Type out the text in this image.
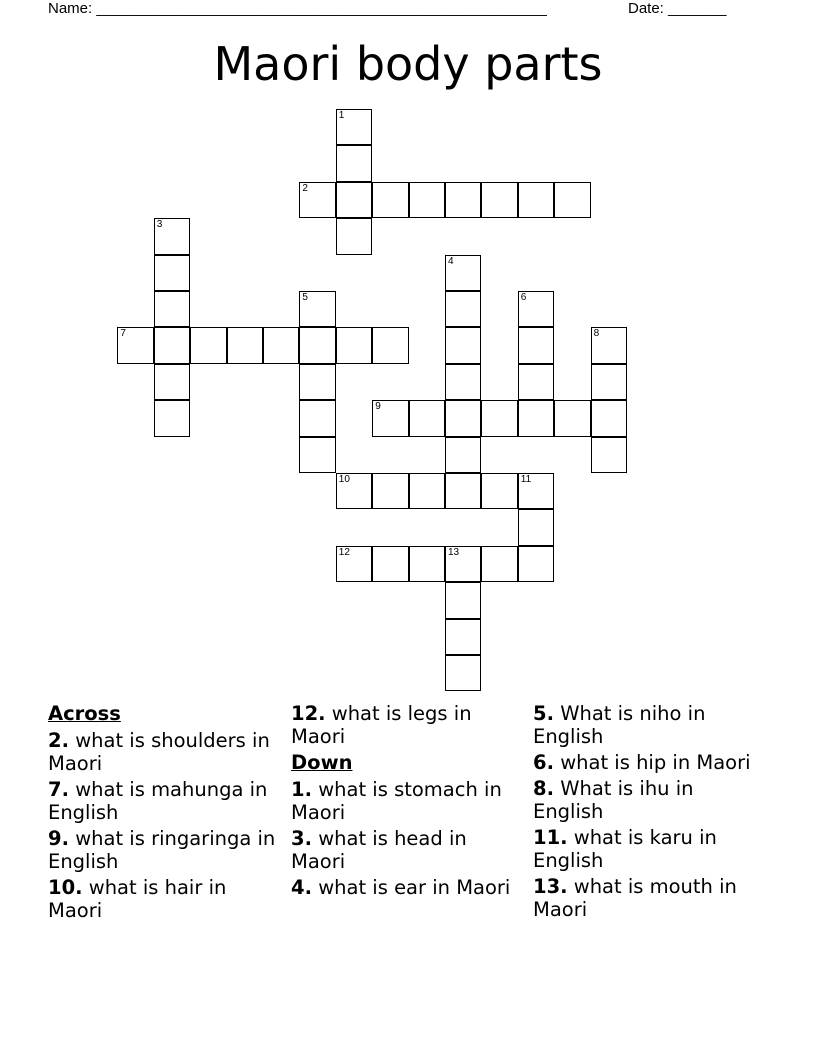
Name: ______________________________________________________	Date: _______
Maori body parts
1
2
3
4
5	6
7	8
9
10	11
12	13
Across
2. what is shoulders in Maori
7. what is mahunga in English
9. what is ringaringa in English
10. what is hair in Maori
12. what is legs in Maori
Down
1. what is stomach in Maori
3. what is head in Maori
4. what is ear in Maori
5. What is niho in English
6. what is hip in Maori
8. What is ihu in English
11. what is karu in English
13. what is mouth in Maori
